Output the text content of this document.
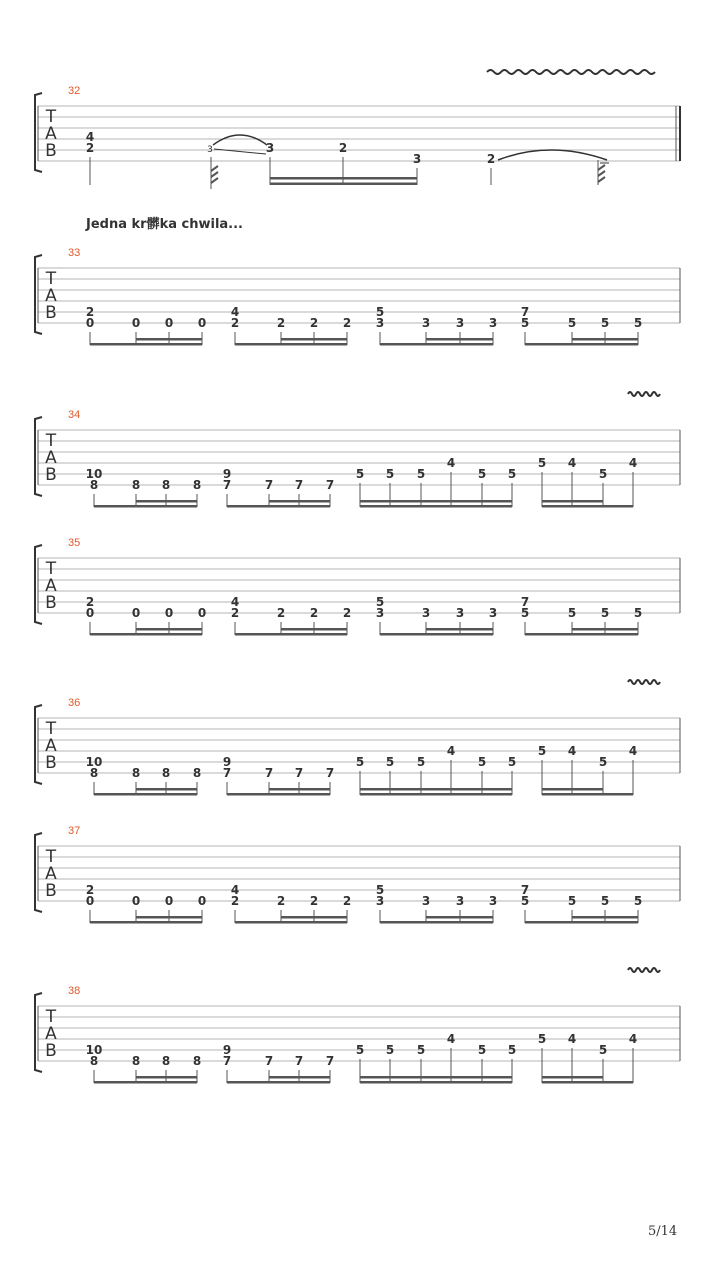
32
T
A
B
4
2	3	3	2
3	2
Jedna kr髒ka chwila...
33
T
A
B 2
0	0 0 0
4
2	2 2 2
5
3	3 3 3
7
5	5 5 5
34
T
A
B 10
8	8 8 8
9
7	7 7 7
5 5 5
4
5 5
5 4
5
4
35
T
A
B 2
0	0 0 0
4
2	2 2 2
5
3	3 3 3
7
5	5 5 5
36
T
A
B 10
8	8 8 8
9
7	7 7 7
5 5 5
4
5 5
5 4
5
4
37
T
A
B 2
0	0 0 0
4
2	2 2 2
5
3	3 3 3
7
5	5 5 5
38
T
A
B 10
8	8 8 8
9
7	7 7 7
5 5 5
4
5 5
5 4
5
4
5/14
